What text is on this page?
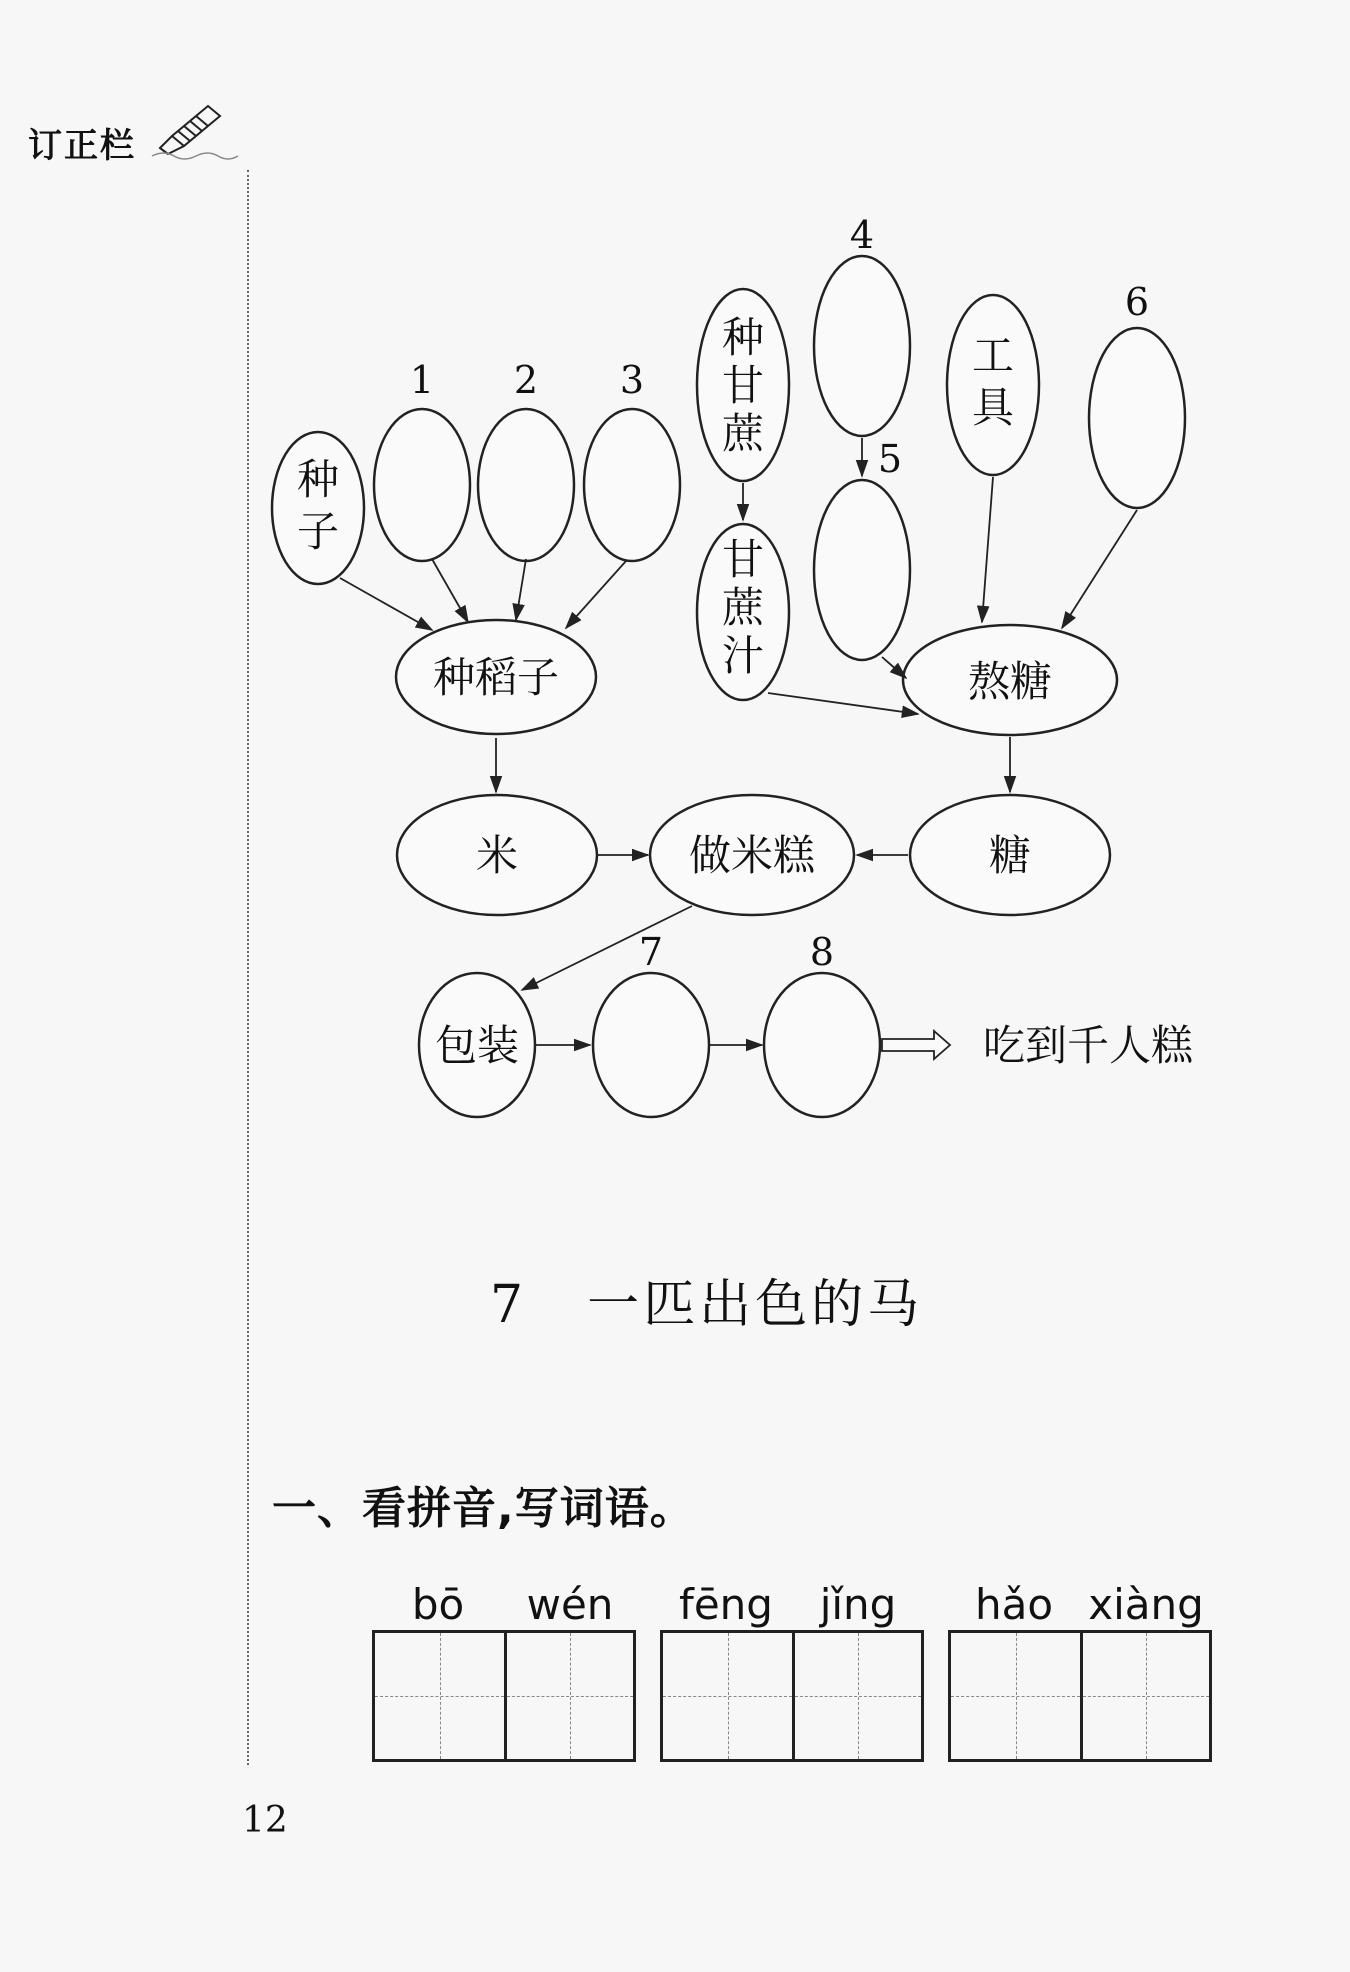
订正栏
种
子
种稻子
种
甘
蔗
甘
蔗
汁
工
具
熬糖
米	做米糕	糖
包装	吃到千人糕
1 2 3
4
5
6
7	8
7 一匹出色的马
一、看拼音,写词语。
bō	wén	fēng	jǐng	hǎo xiàng
12
